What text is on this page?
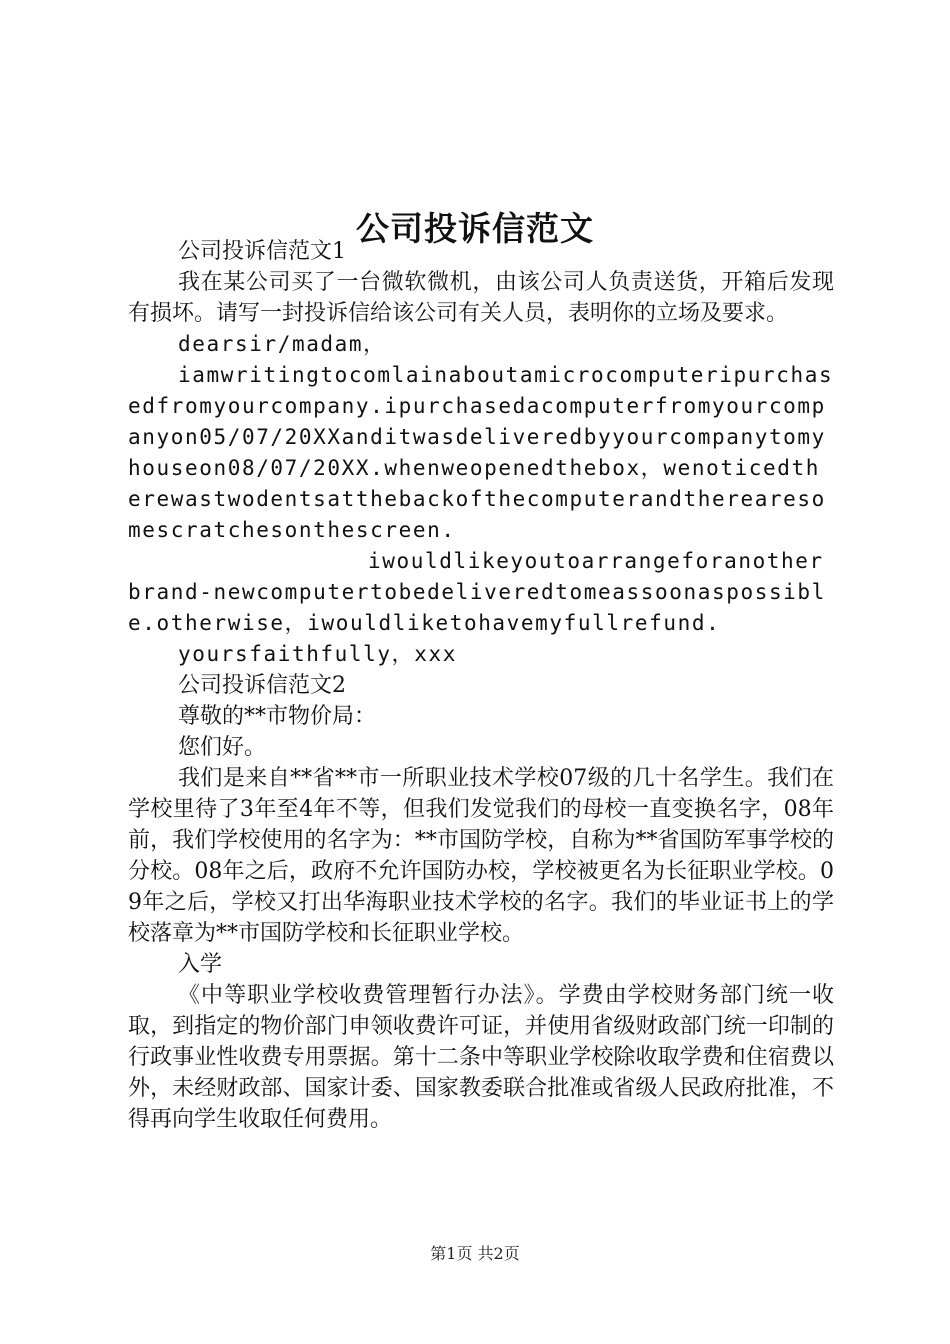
公司投诉信范文

公司投诉信范文1

我在某公司买了一台微软微机，由该公司人负责送货，开箱后发现有损坏。请写一封投诉信给该公司有关人员，表明你的立场及要求。

dearsir/madam，

iamwritingtocomlainaboutamicrocomputeripurchasedfromyourcompany.ipurchasedacomputerfromyourcompanyon05/07/20XXanditwasdeliveredbyyourcompanytomyhouseon08/07/20XX.whenweopenedthebox，wenoticedtherewastwodentsatthebackofthecomputerandtherearesomescratchesonthescreen.

iwouldlikeyoutoarrangeforanotherbrand-newcomputertobedeliveredtomeassoonaspossible.otherwise，iwouldliketohavemyfullrefund.

yoursfaithfully，xxx

公司投诉信范文2

尊敬的**市物价局：

您们好。

我们是来自**省**市一所职业技术学校07级的几十名学生。我们在学校里待了3年至4年不等，但我们发觉我们的母校一直变换名字，08年前，我们学校使用的名字为：**市国防学校，自称为**省国防军事学校的分校。08年之后，政府不允许国防办校，学校被更名为长征职业学校。09年之后，学校又打出华海职业技术学校的名字。我们的毕业证书上的学校落章为**市国防学校和长征职业学校。

入学

《中等职业学校收费管理暂行办法》。学费由学校财务部门统一收取，到指定的物价部门申领收费许可证，并使用省级财政部门统一印制的行政事业性收费专用票据。第十二条中等职业学校除收取学费和住宿费以外，未经财政部、国家计委、国家教委联合批准或省级人民政府批准，不得再向学生收取任何费用。

第1页 共2页
